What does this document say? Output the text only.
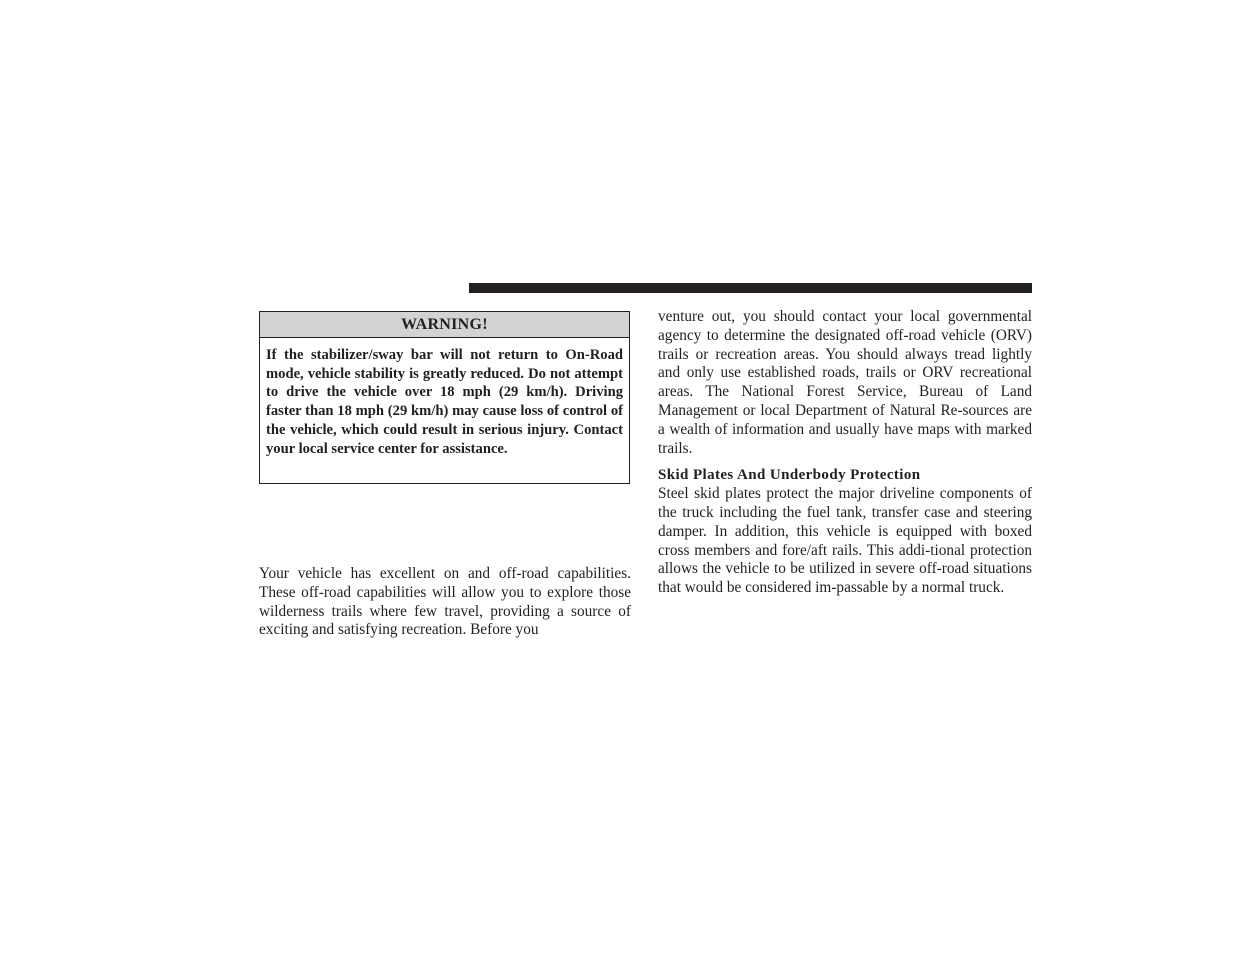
WARNING!
If the stabilizer/sway bar will not return to On-Road mode, vehicle stability is greatly reduced. Do not attempt to drive the vehicle over 18 mph (29 km/h). Driving faster than 18 mph (29 km/h) may cause loss of control of the vehicle, which could result in serious injury. Contact your local service center for assistance.
Your vehicle has excellent on and off-road capabilities. These off-road capabilities will allow you to explore those wilderness trails where few travel, providing a source of exciting and satisfying recreation. Before you

venture out, you should contact your local governmental agency to determine the designated off-road vehicle (ORV) trails or recreation areas. You should always tread lightly and only use established roads, trails or ORV recreational areas. The National Forest Service, Bureau of Land Management or local Department of Natural Re-sources are a wealth of information and usually have maps with marked trails.

Skid Plates And Underbody Protection

Steel skid plates protect the major driveline components of the truck including the fuel tank, transfer case and steering damper. In addition, this vehicle is equipped with boxed cross members and fore/aft rails. This addi-tional protection allows the vehicle to be utilized in severe off-road situations that would be considered im-passable by a normal truck.
